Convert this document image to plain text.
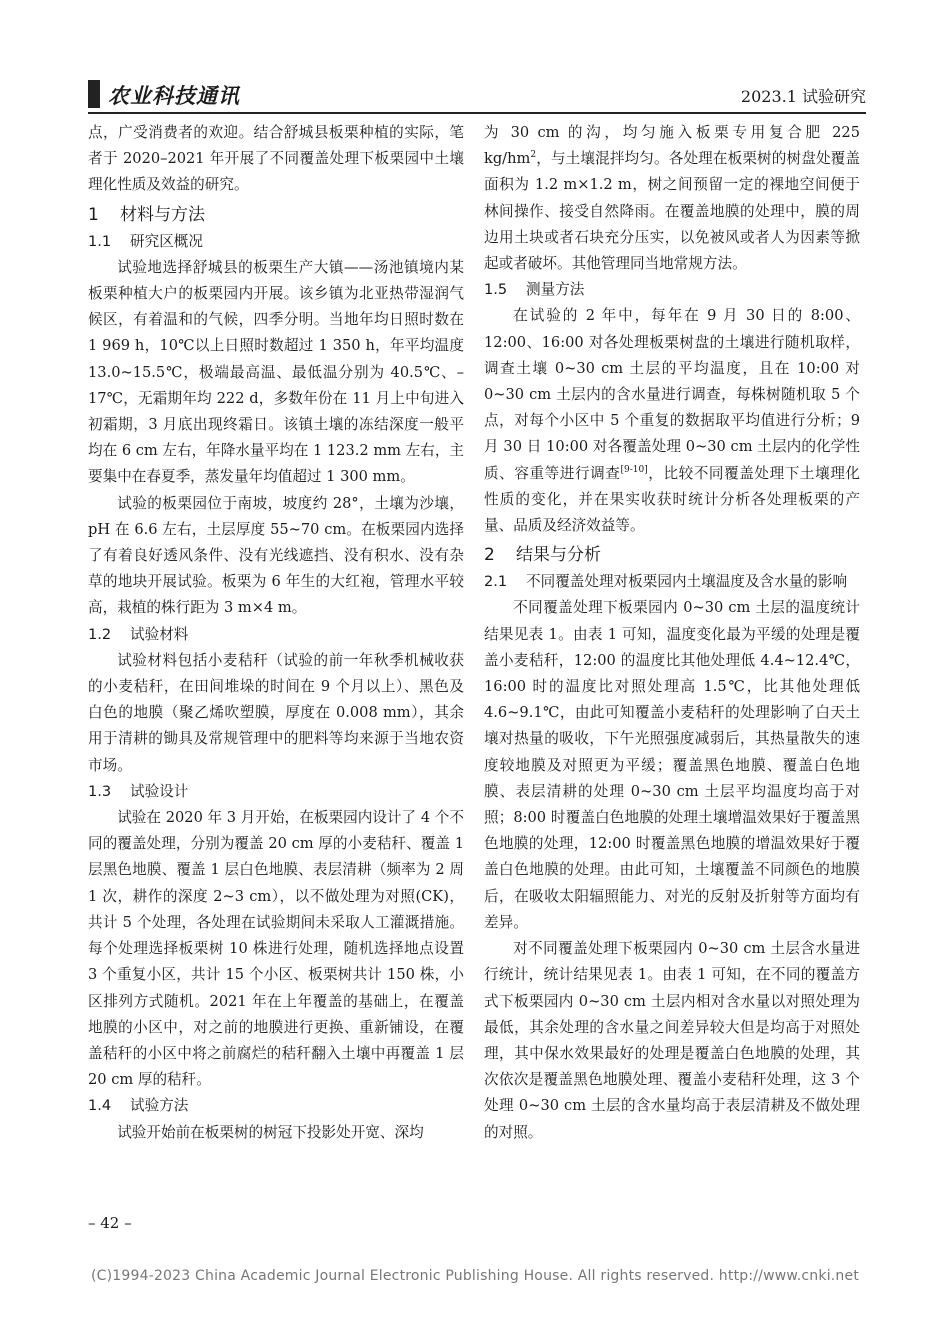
农业科技通讯	2023.1 试验研究

点，广受消费者的欢迎。结合舒城县板栗种植的实际，笔者于 2020–2021 年开展了不同覆盖处理下板栗园中土壤理化性质及效益的研究。

1 材料与方法
1.1 研究区概况

试验地选择舒城县的板栗生产大镇——汤池镇境内某板栗种植大户的板栗园内开展。该乡镇为北亚热带湿润气候区，有着温和的气候，四季分明。当地年均日照时数在 1 969 h，10℃以上日照时数超过 1 350 h，年平均温度 13.0~15.5℃，极端最高温、最低温分别为 40.5℃、–17℃，无霜期年均 222 d，多数年份在 11 月上中旬进入初霜期，3 月底出现终霜日。该镇土壤的冻结深度一般平均在 6 cm 左右，年降水量平均在 1 123.2 mm 左右，主要集中在春夏季，蒸发量年均值超过 1 300 mm。

试验的板栗园位于南坡，坡度约 28°，土壤为沙壤，pH 在 6.6 左右，土层厚度 55~70 cm。在板栗园内选择了有着良好透风条件、没有光线遮挡、没有积水、没有杂草的地块开展试验。板栗为 6 年生的大红袍，管理水平较高，栽植的株行距为 3 m×4 m。

1.2 试验材料

试验材料包括小麦秸秆（试验的前一年秋季机械收获的小麦秸秆，在田间堆垛的时间在 9 个月以上）、黑色及白色的地膜（聚乙烯吹塑膜，厚度在 0.008 mm），其余用于清耕的锄具及常规管理中的肥料等均来源于当地农资市场。

1.3 试验设计

试验在 2020 年 3 月开始，在板栗园内设计了 4 个不同的覆盖处理，分别为覆盖 20 cm 厚的小麦秸秆、覆盖 1 层黑色地膜、覆盖 1 层白色地膜、表层清耕（频率为 2 周 1 次，耕作的深度 2~3 cm），以不做处理为对照(CK)，共计 5 个处理，各处理在试验期间未采取人工灌溉措施。每个处理选择板栗树 10 株进行处理，随机选择地点设置 3 个重复小区，共计 15 个小区、板栗树共计 150 株，小区排列方式随机。2021 年在上年覆盖的基础上，在覆盖地膜的小区中，对之前的地膜进行更换、重新铺设，在覆盖秸秆的小区中将之前腐烂的秸秆翻入土壤中再覆盖 1 层 20 cm 厚的秸秆。

1.4 试验方法

试验开始前在板栗树的树冠下投影处开宽、深均

为 30 cm 的沟，均匀施入板栗专用复合肥 225 $kg/hm^2$，与土壤混拌均匀。各处理在板栗树的树盘处覆盖面积为 1.2 m×1.2 m，树之间预留一定的裸地空间便于林间操作、接受自然降雨。在覆盖地膜的处理中，膜的周边用土块或者石块充分压实，以免被风或者人为因素等掀起或者破坏。其他管理同当地常规方法。

1.5 测量方法

在试验的 2 年中，每年在 9 月 30 日的 8:00、12:00、16:00 对各处理板栗树盘的土壤进行随机取样，调查土壤 0~30 cm 土层的平均温度，且在 10:00 对 0~30 cm 土层内的含水量进行调查，每株树随机取 5 个点，对每个小区中 5 个重复的数据取平均值进行分析；9 月 30 日 10:00 对各覆盖处理 0~30 cm 土层内的化学性质、容重等进行调查[9-10]，比较不同覆盖处理下土壤理化性质的变化，并在果实收获时统计分析各处理板栗的产量、品质及经济效益等。

2 结果与分析
2.1 不同覆盖处理对板栗园内土壤温度及含水量的影响

不同覆盖处理下板栗园内 0~30 cm 土层的温度统计结果见表 1。由表 1 可知，温度变化最为平缓的处理是覆盖小麦秸秆，12:00 的温度比其他处理低 4.4~12.4℃，16:00 时的温度比对照处理高 1.5℃，比其他处理低 4.6~9.1℃，由此可知覆盖小麦秸秆的处理影响了白天土壤对热量的吸收，下午光照强度减弱后，其热量散失的速度较地膜及对照更为平缓；覆盖黑色地膜、覆盖白色地膜、表层清耕的处理 0~30 cm 土层平均温度均高于对照；8:00 时覆盖白色地膜的处理土壤增温效果好于覆盖黑色地膜的处理，12:00 时覆盖黑色地膜的增温效果好于覆盖白色地膜的处理。由此可知，土壤覆盖不同颜色的地膜后，在吸收太阳辐照能力、对光的反射及折射等方面均有差异。

对不同覆盖处理下板栗园内 0~30 cm 土层含水量进行统计，统计结果见表 1。由表 1 可知，在不同的覆盖方式下板栗园内 0~30 cm 土层内相对含水量以对照处理为最低，其余处理的含水量之间差异较大但是均高于对照处理，其中保水效果最好的处理是覆盖白色地膜的处理，其次依次是覆盖黑色地膜处理、覆盖小麦秸秆处理，这 3 个处理 0~30 cm 土层的含水量均高于表层清耕及不做处理的对照。

– 42 –
(C)1994-2023 China Academic Journal Electronic Publishing House. All rights reserved. http://www.cnki.net
